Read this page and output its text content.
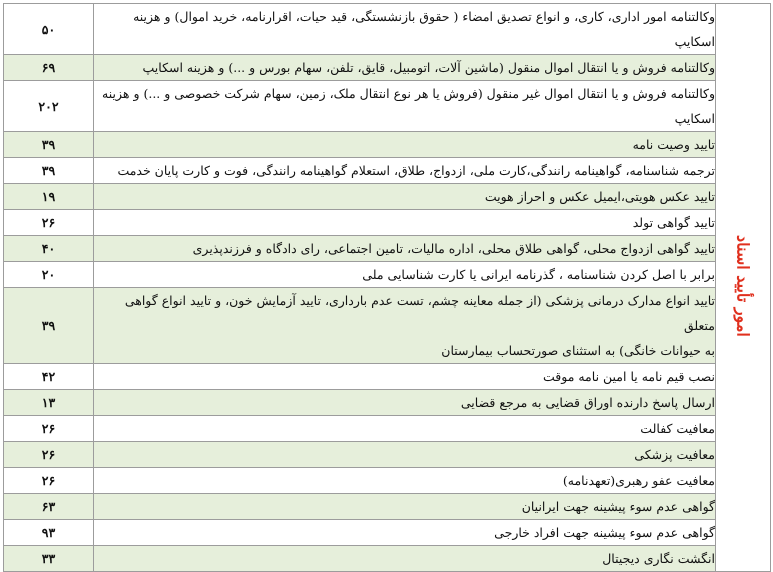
امور تأیید اسناد	وکالتنامه امور اداری، کاری، و انواع تصدیق امضاء ( حقوق بازنشستگی، قید حیات، اقرارنامه، خرید اموال) و هزینه اسکایپ	۵۰
	وکالتنامه فروش و یا انتقال اموال منقول (ماشین آلات، اتومبیل، قایق، تلفن، سهام بورس و ...) و هزینه اسکایپ	۶۹
	وکالتنامه فروش و یا انتقال اموال غیر منقول (فروش یا هر نوع انتقال ملک، زمین، سهام شرکت خصوصی و ...) و هزینه اسکایپ	۲۰۲
	تایید وصیت نامه	۳۹
	ترجمه شناسنامه، گواهینامه رانندگی،کارت ملی، ازدواج، طلاق، استعلام گواهینامه رانندگی، فوت و کارت پایان خدمت	۳۹
	تایید عکس هویتی،ایمیل عکس و احراز هویت	۱۹
	تایید گواهی تولد	۲۶
	تایید گواهی ازدواج محلی، گواهی طلاق محلی، اداره مالیات، تامین اجتماعی، رای دادگاه و فرزندپذیری	۴۰
	برابر با اصل کردن شناسنامه ، گذرنامه ایرانی یا کارت شناسایی ملی	۲۰

	تایید انواع مدارک درمانی پزشکی (از جمله معاینه چشم، تست عدم بارداری، تایید آزمایش خون، و تایید انواع گواهی متعلق
به حیوانات خانگی) به استثنای صورتحساب بیمارستان	۳۹
	نصب قیم نامه یا امین نامه موقت	۴۲
	ارسال پاسخ دارنده اوراق قضایی به مرجع قضایی	۱۳
	معافیت کفالت	۲۶
	معافیت پزشکی	۲۶
	معافیت عفو رهبری(تعهدنامه)	۲۶
	گواهی عدم سوء پیشینه جهت ایرانیان	۶۳
	گواهی عدم سوء پیشینه جهت افراد خارجی	۹۳
	انگشت نگاری دیجیتال	۳۳
